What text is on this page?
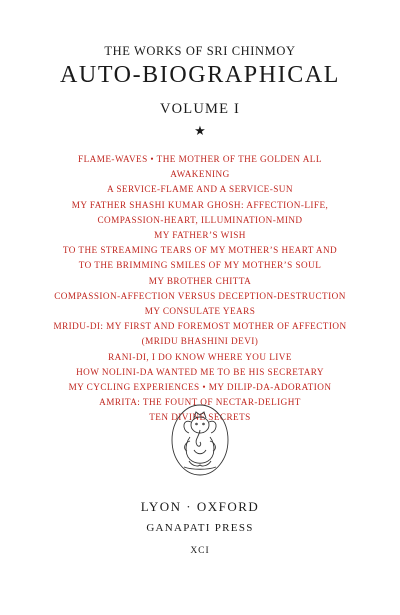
THE WORKS OF SRI CHINMOY
AUTO-BIOGRAPHICAL
VOLUME I
★
FLAME-WAVES • THE MOTHER OF THE GOLDEN ALL
AWAKENING
A SERVICE-FLAME AND A SERVICE-SUN
MY FATHER SHASHI KUMAR GHOSH: AFFECTION-LIFE,
COMPASSION-HEART, ILLUMINATION-MIND
MY FATHER’S WISH
TO THE STREAMING TEARS OF MY MOTHER’S HEART AND
TO THE BRIMMING SMILES OF MY MOTHER’S SOUL
MY BROTHER CHITTA
COMPASSION-AFFECTION VERSUS DECEPTION-DESTRUCTION
MY CONSULATE YEARS
MRIDU-DI: MY FIRST AND FOREMOST MOTHER OF AFFECTION
(MRIDU BHASHINI DEVI)
RANI-DI, I DO KNOW WHERE YOU LIVE
HOW NOLINI-DA WANTED ME TO BE HIS SECRETARY
MY CYCLING EXPERIENCES • MY DILIP-DA-ADORATION
AMRITA: THE FOUNT OF NECTAR-DELIGHT
TEN DIVINE SECRETS
LYON · OXFORD
GANAPATI PRESS
XCI
